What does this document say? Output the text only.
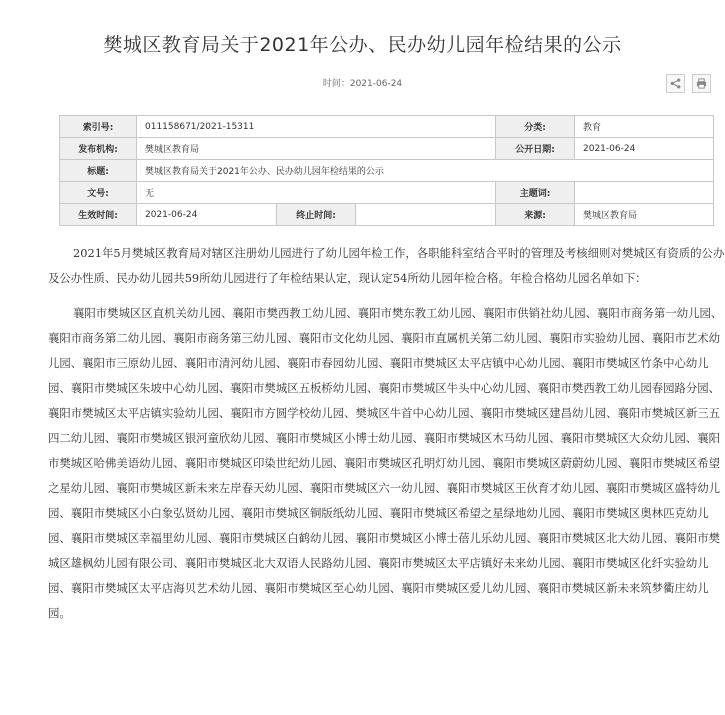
樊城区教育局关于2021年公办、民办幼儿园年检结果的公示
时间：2021-06-24
索引号:	011158671/2021-15311			分类:	教育
发布机构:	樊城区教育局			公开日期:	2021-06-24
标题:	樊城区教育局关于2021年公办、民办幼儿园年检结果的公示				
文号:	无			主题词:	
生效时间:	2021-06-24	终止时间:		来源:	樊城区教育局

2021年5月樊城区教育局对辖区注册幼儿园进行了幼儿园年检工作，各职能科室结合平时的管理及考核细则对樊城区有资质的公办及公办性质、民办幼儿园共59所幼儿园进行了年检结果认定，现认定54所幼儿园年检合格。年检合格幼儿园名单如下：

襄阳市樊城区区直机关幼儿园、襄阳市樊西教工幼儿园、襄阳市樊东教工幼儿园、襄阳市供销社幼儿园、襄阳市商务第一幼儿园、襄阳市商务第二幼儿园、襄阳市商务第三幼儿园、襄阳市文化幼儿园、襄阳市直属机关第二幼儿园、襄阳市实验幼儿园、襄阳市艺术幼儿园、襄阳市三原幼儿园、襄阳市清河幼儿园、襄阳市春园幼儿园、襄阳市樊城区太平店镇中心幼儿园、襄阳市樊城区竹条中心幼儿园、襄阳市樊城区朱坡中心幼儿园、襄阳市樊城区五板桥幼儿园、襄阳市樊城区牛头中心幼儿园、襄阳市樊西教工幼儿园春园路分园、襄阳市樊城区太平店镇实验幼儿园、襄阳市方圆学校幼儿园、樊城区牛首中心幼儿园、襄阳市樊城区建昌幼儿园、襄阳市樊城区新三五四二幼儿园、襄阳市樊城区银河童欣幼儿园、襄阳市樊城区小博士幼儿园、襄阳市樊城区木马幼儿园、襄阳市樊城区大众幼儿园、襄阳市樊城区哈佛美语幼儿园、襄阳市樊城区印染世纪幼儿园、襄阳市樊城区孔明灯幼儿园、襄阳市樊城区蔚蔚幼儿园、襄阳市樊城区希望之星幼儿园、襄阳市樊城区新未来左岸春天幼儿园、襄阳市樊城区六一幼儿园、襄阳市樊城区王伙育才幼儿园、襄阳市樊城区盛特幼儿园、襄阳市樊城区小白象弘贤幼儿园、襄阳市樊城区铜版纸幼儿园、襄阳市樊城区希望之星绿地幼儿园、襄阳市樊城区奥林匹克幼儿园、襄阳市樊城区幸福里幼儿园、襄阳市樊城区白鹤幼儿园、襄阳市樊城区小博士蓓儿乐幼儿园、襄阳市樊城区北大幼儿园、襄阳市樊城区雄枫幼儿园有限公司、襄阳市樊城区北大双语人民路幼儿园、襄阳市樊城区太平店镇好未来幼儿园、襄阳市樊城区化纤实验幼儿园、襄阳市樊城区太平店海贝艺术幼儿园、襄阳市樊城区至心幼儿园、襄阳市樊城区爱儿幼儿园、襄阳市樊城区新未来筑梦衢庄幼儿园。
